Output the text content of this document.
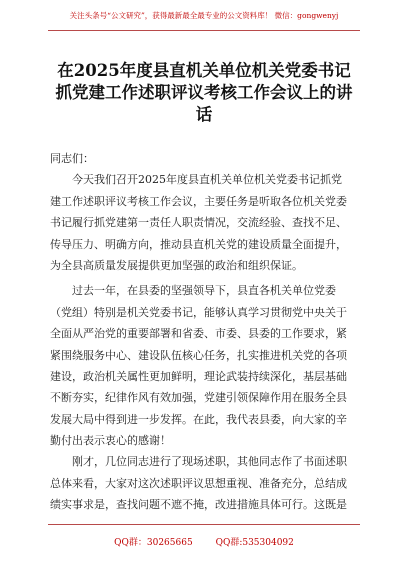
关注头条号“公文研究”，获得最新最全最专业的公文资料库！ 微信：gongwenyj
在2025年度县直机关单位机关党委书记
抓党建工作述职评议考核工作会议上的讲
话
同志们：
今天我们召开2025年度县直机关单位机关党委书记抓党
建工作述职评议考核工作会议，主要任务是听取各位机关党委
书记履行抓党建第一责任人职责情况，交流经验、查找不足、
传导压力、明确方向，推动县直机关党的建设质量全面提升，
为全县高质量发展提供更加坚强的政治和组织保证。
过去一年，在县委的坚强领导下，县直各机关单位党委
（党组）特别是机关党委书记，能够认真学习贯彻党中央关于
全面从严治党的重要部署和省委、市委、县委的工作要求，紧
紧围绕服务中心、建设队伍核心任务，扎实推进机关党的各项
建设，政治机关属性更加鲜明，理论武装持续深化，基层基础
不断夯实，纪律作风有效加强，党建引领保障作用在服务全县
发展大局中得到进一步发挥。在此，我代表县委，向大家的辛
勤付出表示衷心的感谢！
刚才，几位同志进行了现场述职，其他同志作了书面述职
总体来看，大家对这次述职评议思想重视、准备充分，总结成
绩实事求是，查找问题不遮不掩，改进措施具体可行。这既是
QQ群：30265665	QQ群:535304092
